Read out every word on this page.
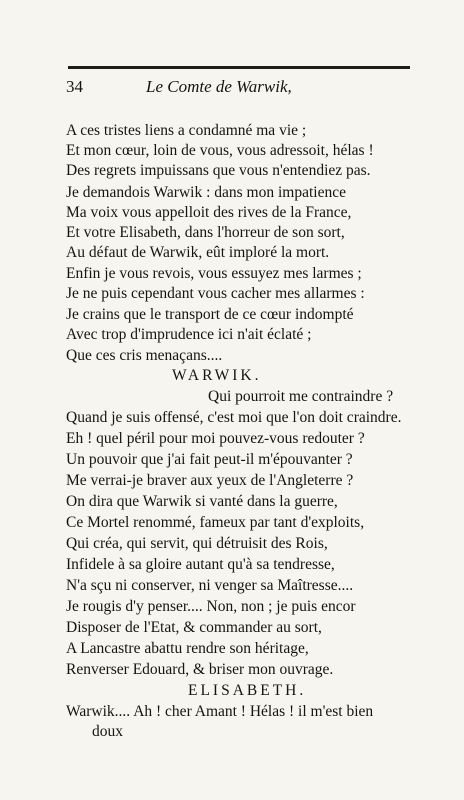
34	Le Comte de Warwik,
A ces tristes liens a condamné ma vie ;
Et mon cœur, loin de vous, vous adressoit, hélas !
Des regrets impuissans que vous n'entendiez pas.
Je demandois Warwik : dans mon impatience
Ma voix vous appelloit des rives de la France,
Et votre Elisabeth, dans l'horreur de son sort,
Au défaut de Warwik, eût imploré la mort.
Enfin je vous revois, vous essuyez mes larmes ;
Je ne puis cependant vous cacher mes allarmes :
Je crains que le transport de ce cœur indompté
Avec trop d'imprudence ici n'ait éclaté ;
Que ces cris menaçans....
WARWIK.
Qui pourroit me contraindre ?
Quand je suis offensé, c'est moi que l'on doit craindre.
Eh ! quel péril pour moi pouvez-vous redouter ?
Un pouvoir que j'ai fait peut-il m'épouvanter ?
Me verrai-je braver aux yeux de l'Angleterre ?
On dira que Warwik si vanté dans la guerre,
Ce Mortel renommé, fameux par tant d'exploits,
Qui créa, qui servit, qui détruisit des Rois,
Infidele à sa gloire autant qu'à sa tendresse,
N'a sçu ni conserver, ni venger sa Maîtresse....
Je rougis d'y penser.... Non, non ; je puis encor
Disposer de l'Etat, & commander au sort,
A Lancastre abattu rendre son héritage,
Renverser Edouard, & briser mon ouvrage.
ELISABETH.
Warwik.... Ah ! cher Amant ! Hélas ! il m'est bien
doux
